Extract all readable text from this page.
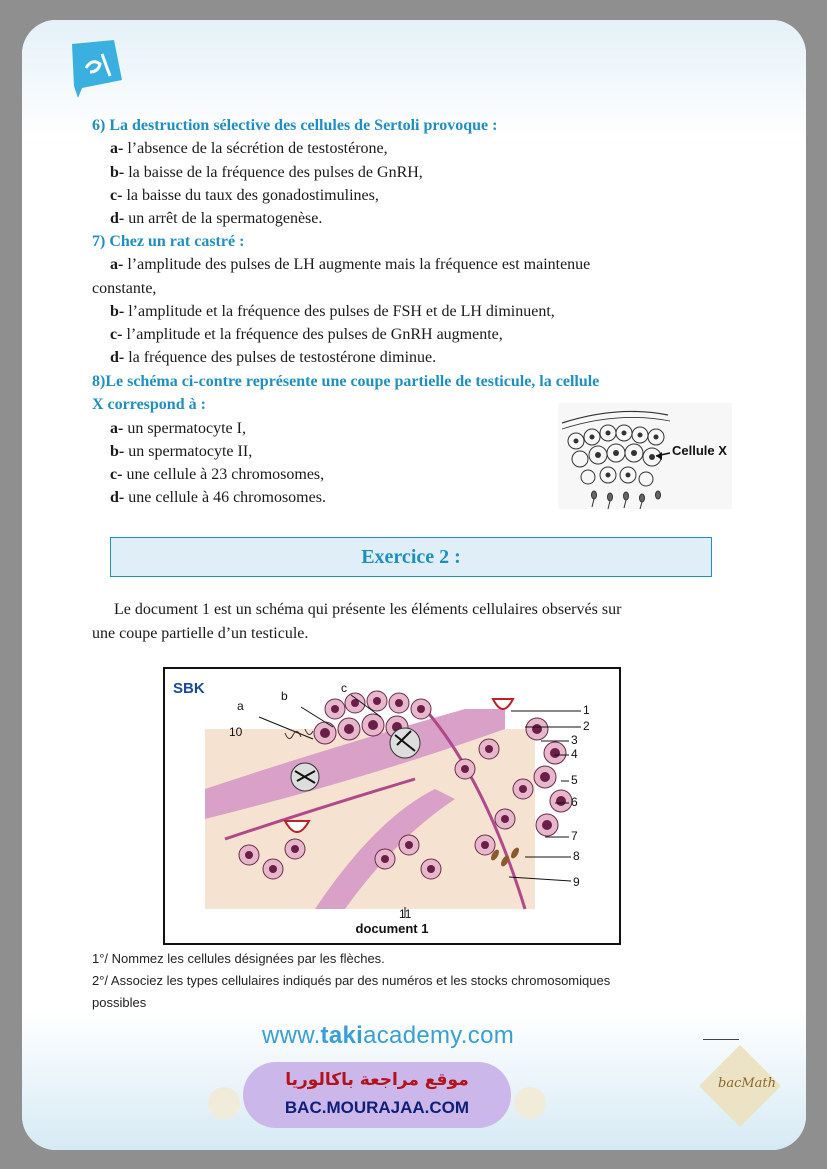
6) La destruction sélective des cellules de Sertoli provoque :
a- l’absence de la sécrétion de testostérone,
b- la baisse de la fréquence des pulses de GnRH,
c- la baisse du taux des gonadostimulines,
d- un arrêt de la spermatogenèse.
7) Chez un rat castré :
a- l’amplitude des pulses de LH augmente mais la fréquence est maintenue
constante,
b- l’amplitude et la fréquence des pulses de FSH et de LH diminuent,
c- l’amplitude et la fréquence des pulses de GnRH augmente,
d- la fréquence des pulses de testostérone diminue.
8)Le schéma ci-contre représente une coupe partielle de testicule, la cellule
X correspond à :
a- un spermatocyte I,
b- un spermatocyte II,
c- une cellule à 23 chromosomes,
d- une cellule à 46 chromosomes.
Cellule X
Exercice 2 :
Le document 1 est un schéma qui présente les éléments cellulaires observés sur
une coupe partielle d’un testicule.
SBK
a
b
c
1
2
3
4
5
6
7
8
9
10
11
document 1
1°/ Nommez les cellules désignées par les flèches.
2°/ Associez les types cellulaires indiqués par des numéros et les stocks chromosomiques
possibles
www.takiacademy.com
موقع مراجعة باكالوريا
BAC.MOURAJAA.COM
bacMath
